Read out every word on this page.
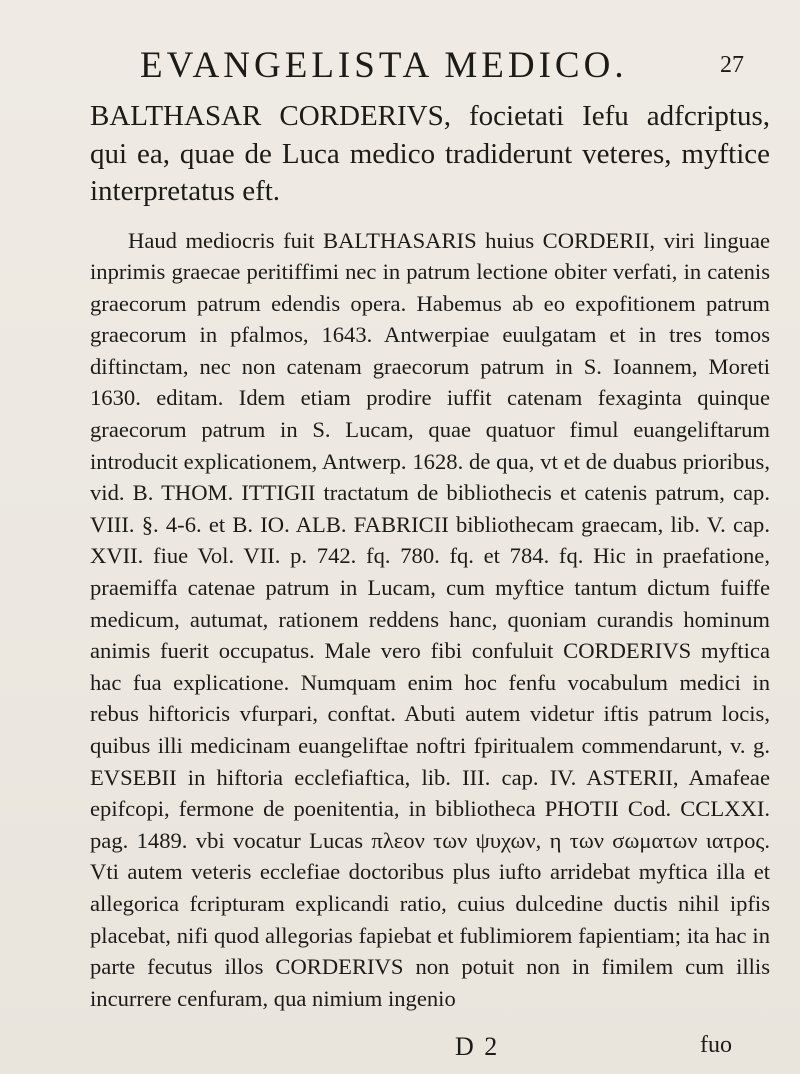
EVANGELISTA MEDICO.	27

BALTHASAR CORDERIVS, focietati Iefu adfcriptus, qui ea, quae de Luca medico tradiderunt veteres, myftice interpretatus eft.

Haud mediocris fuit BALTHASARIS huius CORDERII, viri linguae inprimis graecae peritiffimi nec in patrum lectione obiter verfati, in catenis graecorum patrum edendis opera. Habemus ab eo expofitionem patrum graecorum in pfalmos, 1643. Antwerpiae euulgatam et in tres tomos diftinctam, nec non catenam graecorum patrum in S. Ioannem, Moreti 1630. editam. Idem etiam prodire iuffit catenam fexaginta quinque graecorum patrum in S. Lucam, quae quatuor fimul euangeliftarum introducit explicationem, Antwerp. 1628. de qua, vt et de duabus prioribus, vid. B. THOM. ITTIGII tractatum de bibliothecis et catenis patrum, cap. VIII. §. 4-6. et B. IO. ALB. FABRICII bibliothecam graecam, lib. V. cap. XVII. fiue Vol. VII. p. 742. fq. 780. fq. et 784. fq. Hic in praefatione, praemiffa catenae patrum in Lucam, cum myftice tantum dictum fuiffe medicum, autumat, rationem reddens hanc, quoniam curandis hominum animis fuerit occupatus. Male vero fibi confuluit CORDERIVS myftica hac fua explicatione. Numquam enim hoc fenfu vocabulum medici in rebus hiftoricis vfurpari, conftat. Abuti autem videtur iftis patrum locis, quibus illi medicinam euangeliftae noftri fpiritualem commendarunt, v. g. EVSEBII in hiftoria ecclefiaftica, lib. III. cap. IV. ASTERII, Amafeae epifcopi, fermone de poenitentia, in bibliotheca PHOTII Cod. CCLXXI. pag. 1489. vbi vocatur Lucas πλεον των ψυχων, η των σωματων ιατρος. Vti autem veteris ecclefiae doctoribus plus iufto arridebat myftica illa et allegorica fcripturam explicandi ratio, cuius dulcedine ductis nihil ipfis placebat, nifi quod allegorias fapiebat et fublimiorem fapientiam; ita hac in parte fecutus illos CORDERIVS non potuit non in fimilem cum illis incurrere cenfuram, qua nimium ingenio

D 2	fuo
